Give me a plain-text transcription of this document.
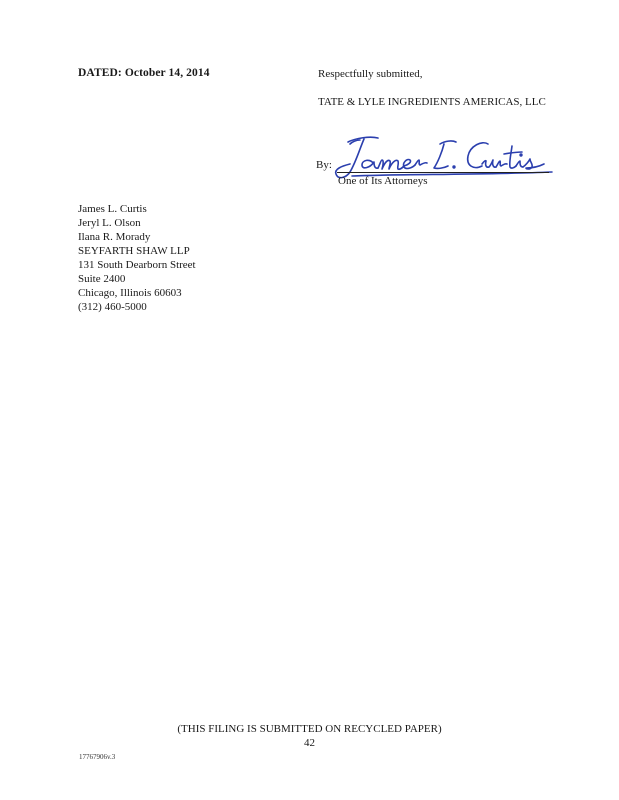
DATED: October 14, 2014	Respectfully submitted,
TATE & LYLE INGREDIENTS AMERICAS, LLC
By:
One of Its Attorneys
James L. Curtis
Jeryl L. Olson
Ilana R. Morady
SEYFARTH SHAW LLP
131 South Dearborn Street
Suite 2400
Chicago, Illinois 60603
(312) 460-5000
(THIS FILING IS SUBMITTED ON RECYCLED PAPER)
42
17767906v.3
